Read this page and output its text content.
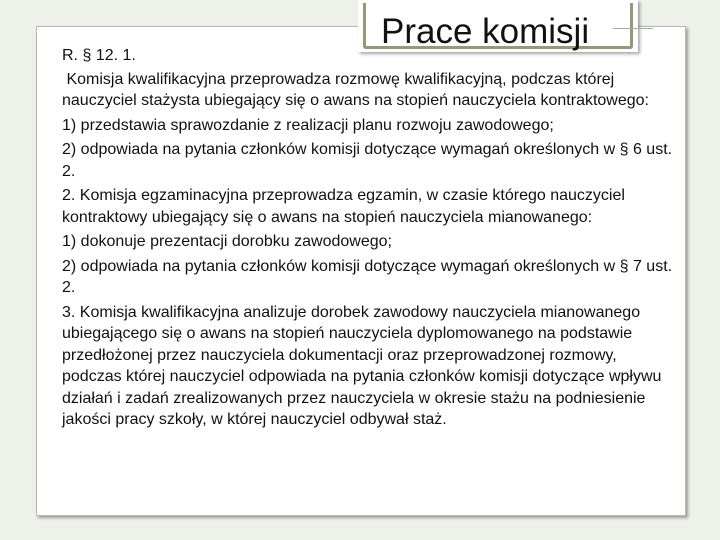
Prace komisji

R. § 12. 1.

Komisja kwalifikacyjna przeprowadza rozmowę kwalifikacyjną, podczas której nauczyciel stażysta ubiegający się o awans na stopień nauczyciela kontraktowego:

1) przedstawia sprawozdanie z realizacji planu rozwoju zawodowego;

2) odpowiada na pytania członków komisji dotyczące wymagań określonych w § 6 ust. 2.

2. Komisja egzaminacyjna przeprowadza egzamin, w czasie którego nauczyciel kontraktowy ubiegający się o awans na stopień nauczyciela mianowanego:

1) dokonuje prezentacji dorobku zawodowego;

2) odpowiada na pytania członków komisji dotyczące wymagań określonych w § 7 ust. 2.

3. Komisja kwalifikacyjna analizuje dorobek zawodowy nauczyciela mianowanego ubiegającego się o awans na stopień nauczyciela dyplomowanego na podstawie przedłożonej przez nauczyciela dokumentacji oraz przeprowadzonej rozmowy, podczas której nauczyciel odpowiada na pytania członków komisji dotyczące wpływu działań i zadań zrealizowanych przez nauczyciela w okresie stażu na podniesienie jakości pracy szkoły, w której nauczyciel odbywał staż.
